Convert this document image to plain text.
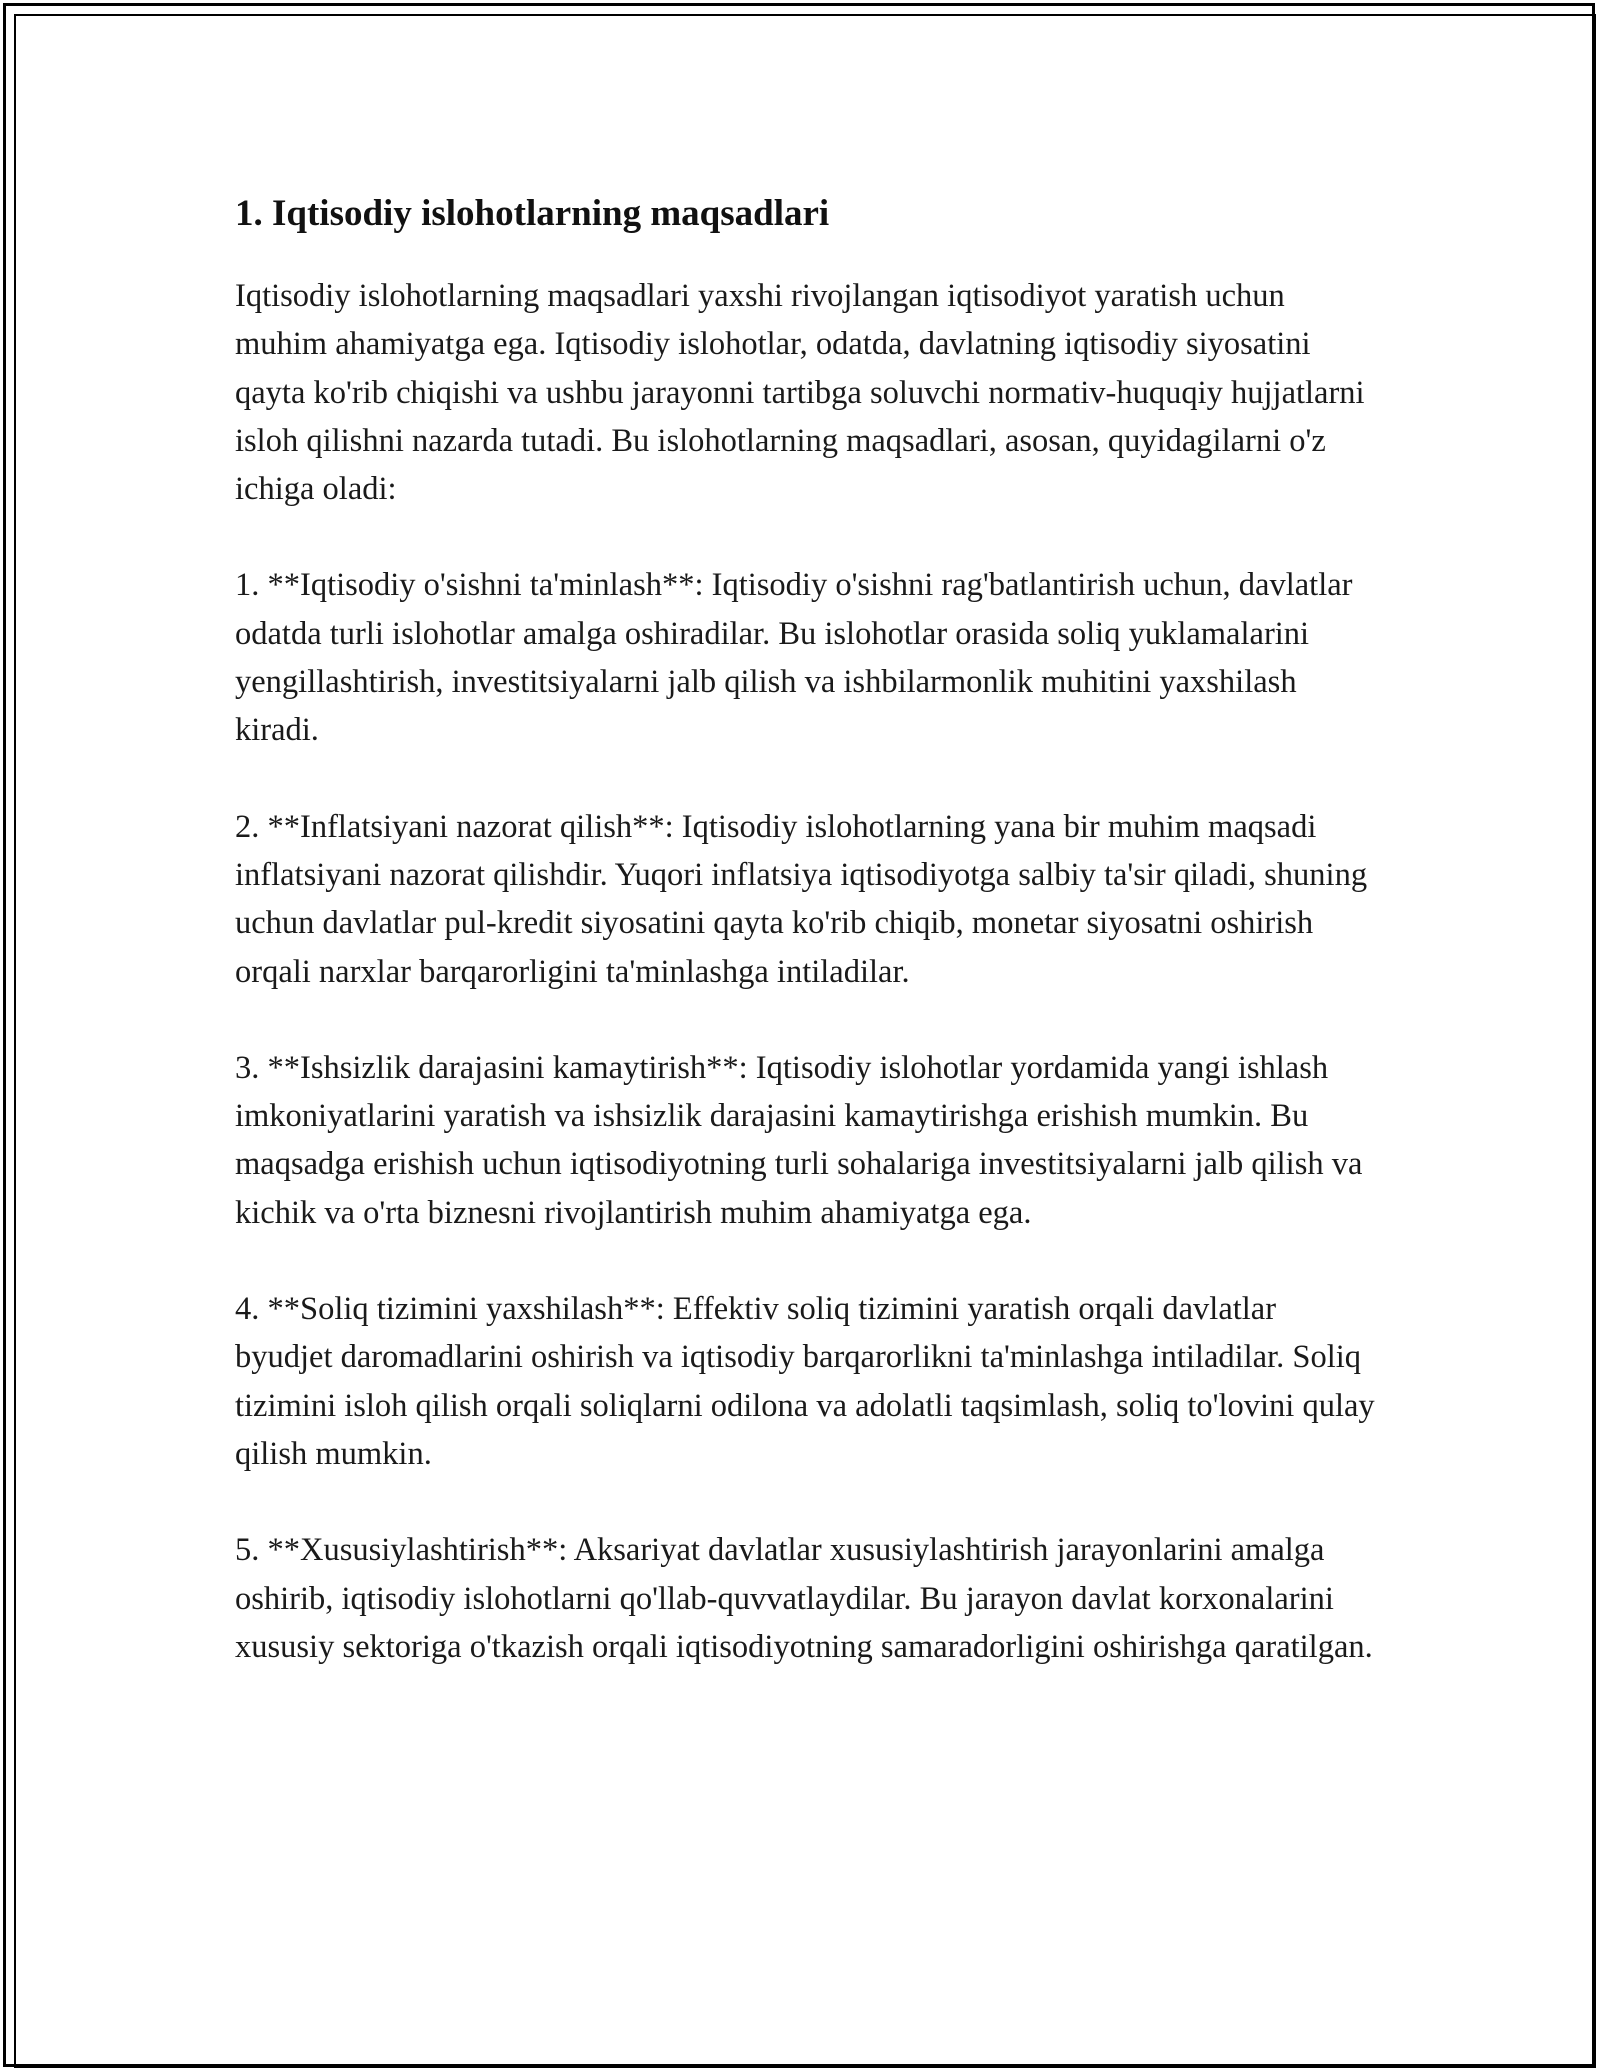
1. Iqtisodiy islohotlarning maqsadlari

Iqtisodiy islohotlarning maqsadlari yaxshi rivojlangan iqtisodiyot yaratish uchun muhim ahamiyatga ega. Iqtisodiy islohotlar, odatda, davlatning iqtisodiy siyosatini qayta ko'rib chiqishi va ushbu jarayonni tartibga soluvchi normativ-huquqiy hujjatlarni isloh qilishni nazarda tutadi. Bu islohotlarning maqsadlari, asosan, quyidagilarni o'z ichiga oladi:

1. **Iqtisodiy o'sishni ta'minlash**: Iqtisodiy o'sishni rag'batlantirish uchun, davlatlar odatda turli islohotlar amalga oshiradilar. Bu islohotlar orasida soliq yuklamalarini yengillashtirish, investitsiyalarni jalb qilish va ishbilarmonlik muhitini yaxshilash kiradi.

2. **Inflatsiyani nazorat qilish**: Iqtisodiy islohotlarning yana bir muhim maqsadi inflatsiyani nazorat qilishdir. Yuqori inflatsiya iqtisodiyotga salbiy ta'sir qiladi, shuning uchun davlatlar pul-kredit siyosatini qayta ko'rib chiqib, monetar siyosatni oshirish orqali narxlar barqarorligini ta'minlashga intiladilar.

3. **Ishsizlik darajasini kamaytirish**: Iqtisodiy islohotlar yordamida yangi ishlash imkoniyatlarini yaratish va ishsizlik darajasini kamaytirishga erishish mumkin. Bu maqsadga erishish uchun iqtisodiyotning turli sohalariga investitsiyalarni jalb qilish va kichik va o'rta biznesni rivojlantirish muhim ahamiyatga ega.

4. **Soliq tizimini yaxshilash**: Effektiv soliq tizimini yaratish orqali davlatlar byudjet daromadlarini oshirish va iqtisodiy barqarorlikni ta'minlashga intiladilar. Soliq tizimini isloh qilish orqali soliqlarni odilona va adolatli taqsimlash, soliq to'lovini qulay qilish mumkin.

5. **Xususiylashtirish**: Aksariyat davlatlar xususiylashtirish jarayonlarini amalga oshirib, iqtisodiy islohotlarni qo'llab-quvvatlaydilar. Bu jarayon davlat korxonalarini xususiy sektoriga o'tkazish orqali iqtisodiyotning samaradorligini oshirishga qaratilgan.
